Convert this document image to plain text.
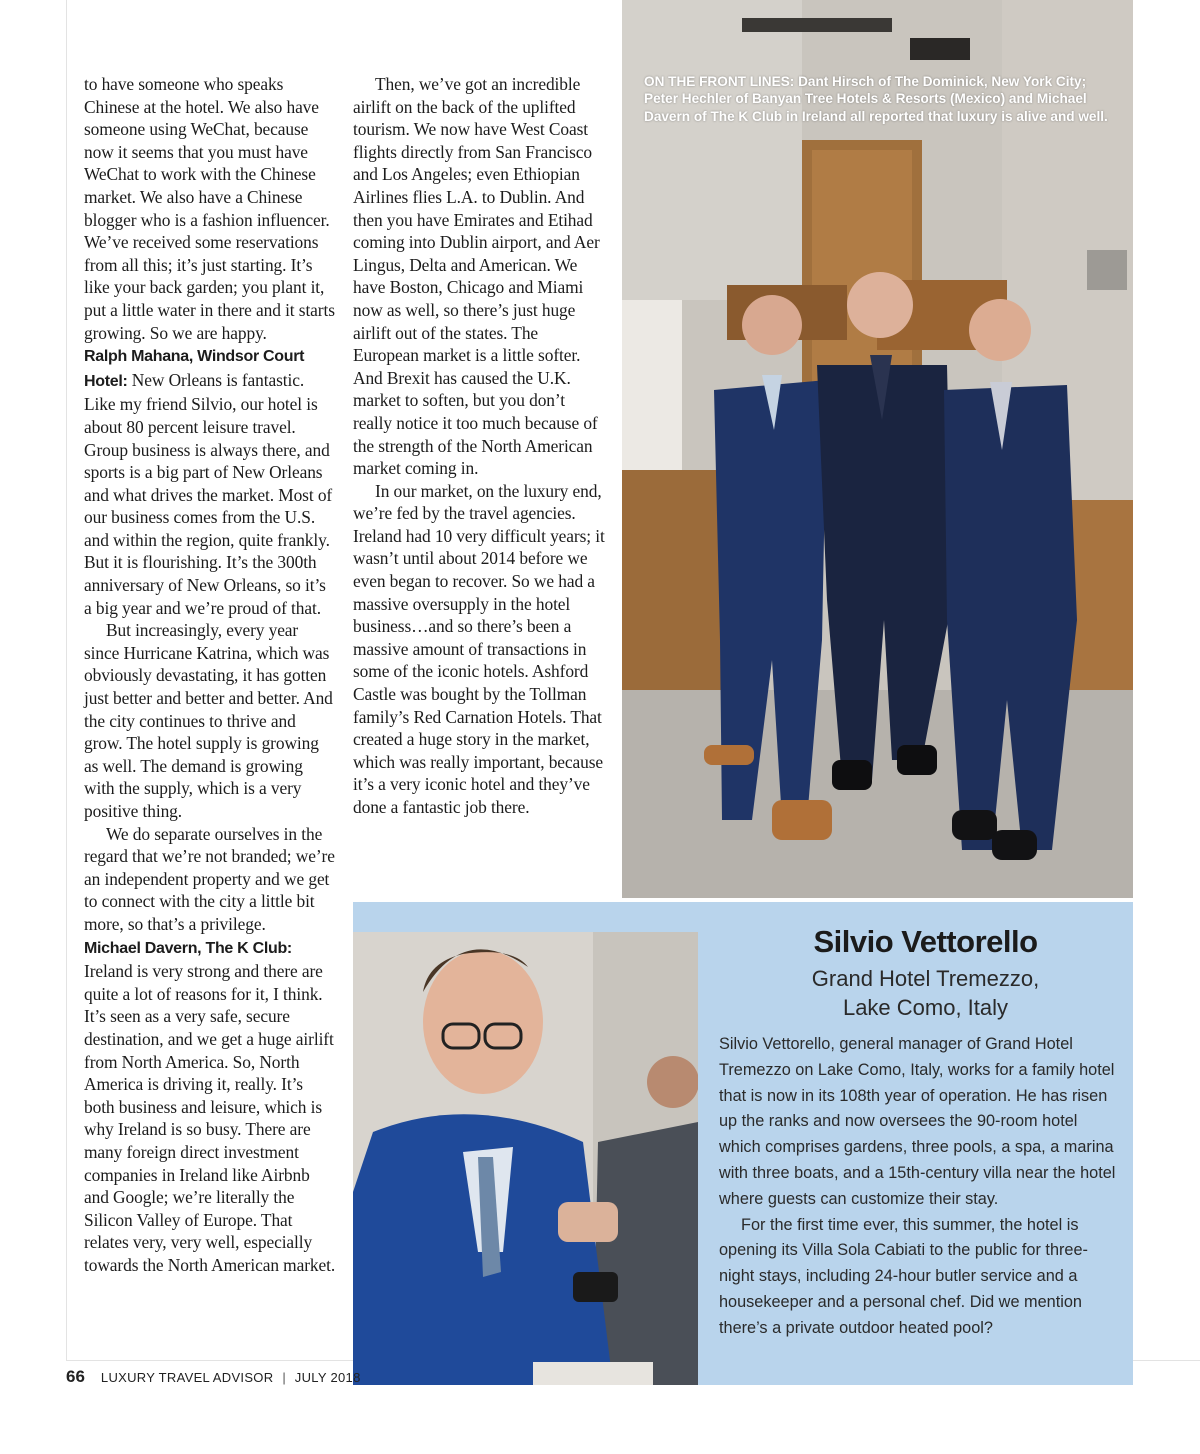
to have someone who speaks Chinese at the hotel. We also have someone using WeChat, because now it seems that you must have WeChat to work with the Chinese market. We also have a Chinese blogger who is a fashion influencer. We’ve received some reservations from all this; it’s just starting. It’s like your back garden; you plant it, put a little water in there and it starts growing. So we are happy.

Ralph Mahana, Windsor Court Hotel: New Orleans is fantastic. Like my friend Silvio, our hotel is about 80 percent leisure travel. Group business is always there, and sports is a big part of New Orleans and what drives the market. Most of our business comes from the U.S. and within the region, quite frankly. But it is flourishing. It’s the 300th anniversary of New Orleans, so it’s a big year and we’re proud of that.

But increasingly, every year since Hurricane Katrina, which was obviously devastating, it has gotten just better and better and better. And the city continues to thrive and grow. The hotel supply is growing as well. The demand is growing with the supply, which is a very positive thing.

We do separate ourselves in the regard that we’re not branded; we’re an independent property and we get to connect with the city a little bit more, so that’s a privilege.

Michael Davern, The K Club:

Ireland is very strong and there are quite a lot of reasons for it, I think. It’s seen as a very safe, secure destination, and we get a huge airlift from North America. So, North America is driving it, really. It’s both business and leisure, which is why Ireland is so busy. There are many foreign direct investment companies in Ireland like Airbnb and Google; we’re literally the Silicon Valley of Europe. That relates very, very well, especially towards the North American market.

Then, we’ve got an incredible airlift on the back of the uplifted tourism. We now have West Coast flights directly from San Francisco and Los Angeles; even Ethiopian Airlines flies L.A. to Dublin. And then you have Emirates and Etihad coming into Dublin airport, and Aer Lingus, Delta and American. We have Boston, Chicago and Miami now as well, so there’s just huge airlift out of the states. The European market is a little softer. And Brexit has caused the U.K. market to soften, but you don’t really notice it too much because of the strength of the North American market coming in.

In our market, on the luxury end, we’re fed by the travel agencies. Ireland had 10 very difficult years; it wasn’t until about 2014 before we even began to recover. So we had a massive oversupply in the hotel business…and so there’s been a massive amount of transactions in some of the iconic hotels. Ashford Castle was bought by the Tollman family’s Red Carnation Hotels. That created a huge story in the market, which was really important, because it’s a very iconic hotel and they’ve done a fantastic job there.

ON THE FRONT LINES: Dant Hirsch of The Dominick, New York City; Peter Hechler of Banyan Tree Hotels & Resorts (Mexico) and Michael Davern of The K Club in Ireland all reported that luxury is alive and well.
Silvio Vettorello
Grand Hotel Tremezzo,
Lake Como, Italy

Silvio Vettorello, general manager of Grand Hotel Tremezzo on Lake Como, Italy, works for a family hotel that is now in its 108th year of operation. He has risen up the ranks and now oversees the 90-room hotel which comprises gardens, three pools, a spa, a marina with three boats, and a 15th-century villa near the hotel where guests can customize their stay.

For the first time ever, this summer, the hotel is opening its Villa Sola Cabiati to the public for three-night stays, including 24-hour butler service and a housekeeper and a personal chef. Did we mention there’s a private outdoor heated pool?

66 LUXURY TRAVEL ADVISOR | JULY 2018
